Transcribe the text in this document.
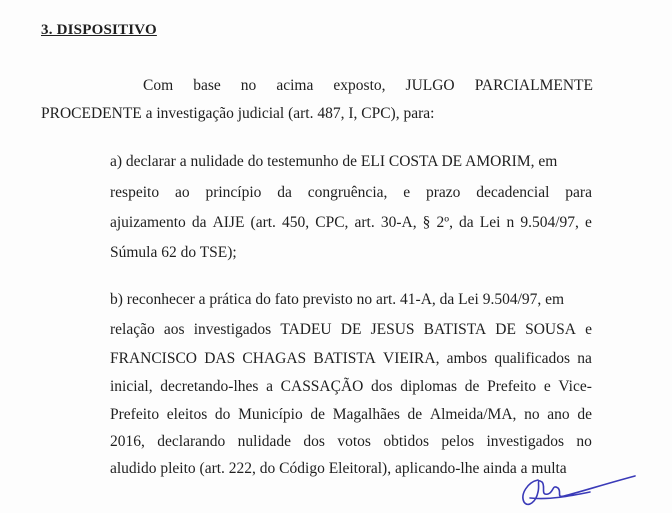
3. DISPOSITIVO
Com base no acima exposto, JULGO PARCIALMENTE

PROCEDENTE a investigação judicial (art. 487, I, CPC), para:

a) declarar a nulidade do testemunho de ELI COSTA DE AMORIM, em

respeito ao princípio da congruência, e prazo decadencial para
ajuizamento da AIJE (art. 450, CPC, art. 30-A, § 2º, da Lei n 9.504/97, e

Súmula 62 do TSE);

b) reconhecer a prática do fato previsto no art. 41-A, da Lei 9.504/97, em

relação aos investigados TADEU DE JESUS BATISTA DE SOUSA e
FRANCISCO DAS CHAGAS BATISTA VIEIRA, ambos qualificados na
inicial, decretando-lhes a CASSAÇÃO dos diplomas de Prefeito e Vice-
Prefeito eleitos do Município de Magalhães de Almeida/MA, no ano de
2016, declarando nulidade dos votos obtidos pelos investigados no

aludido pleito (art. 222, do Código Eleitoral), aplicando-lhe ainda a multa
